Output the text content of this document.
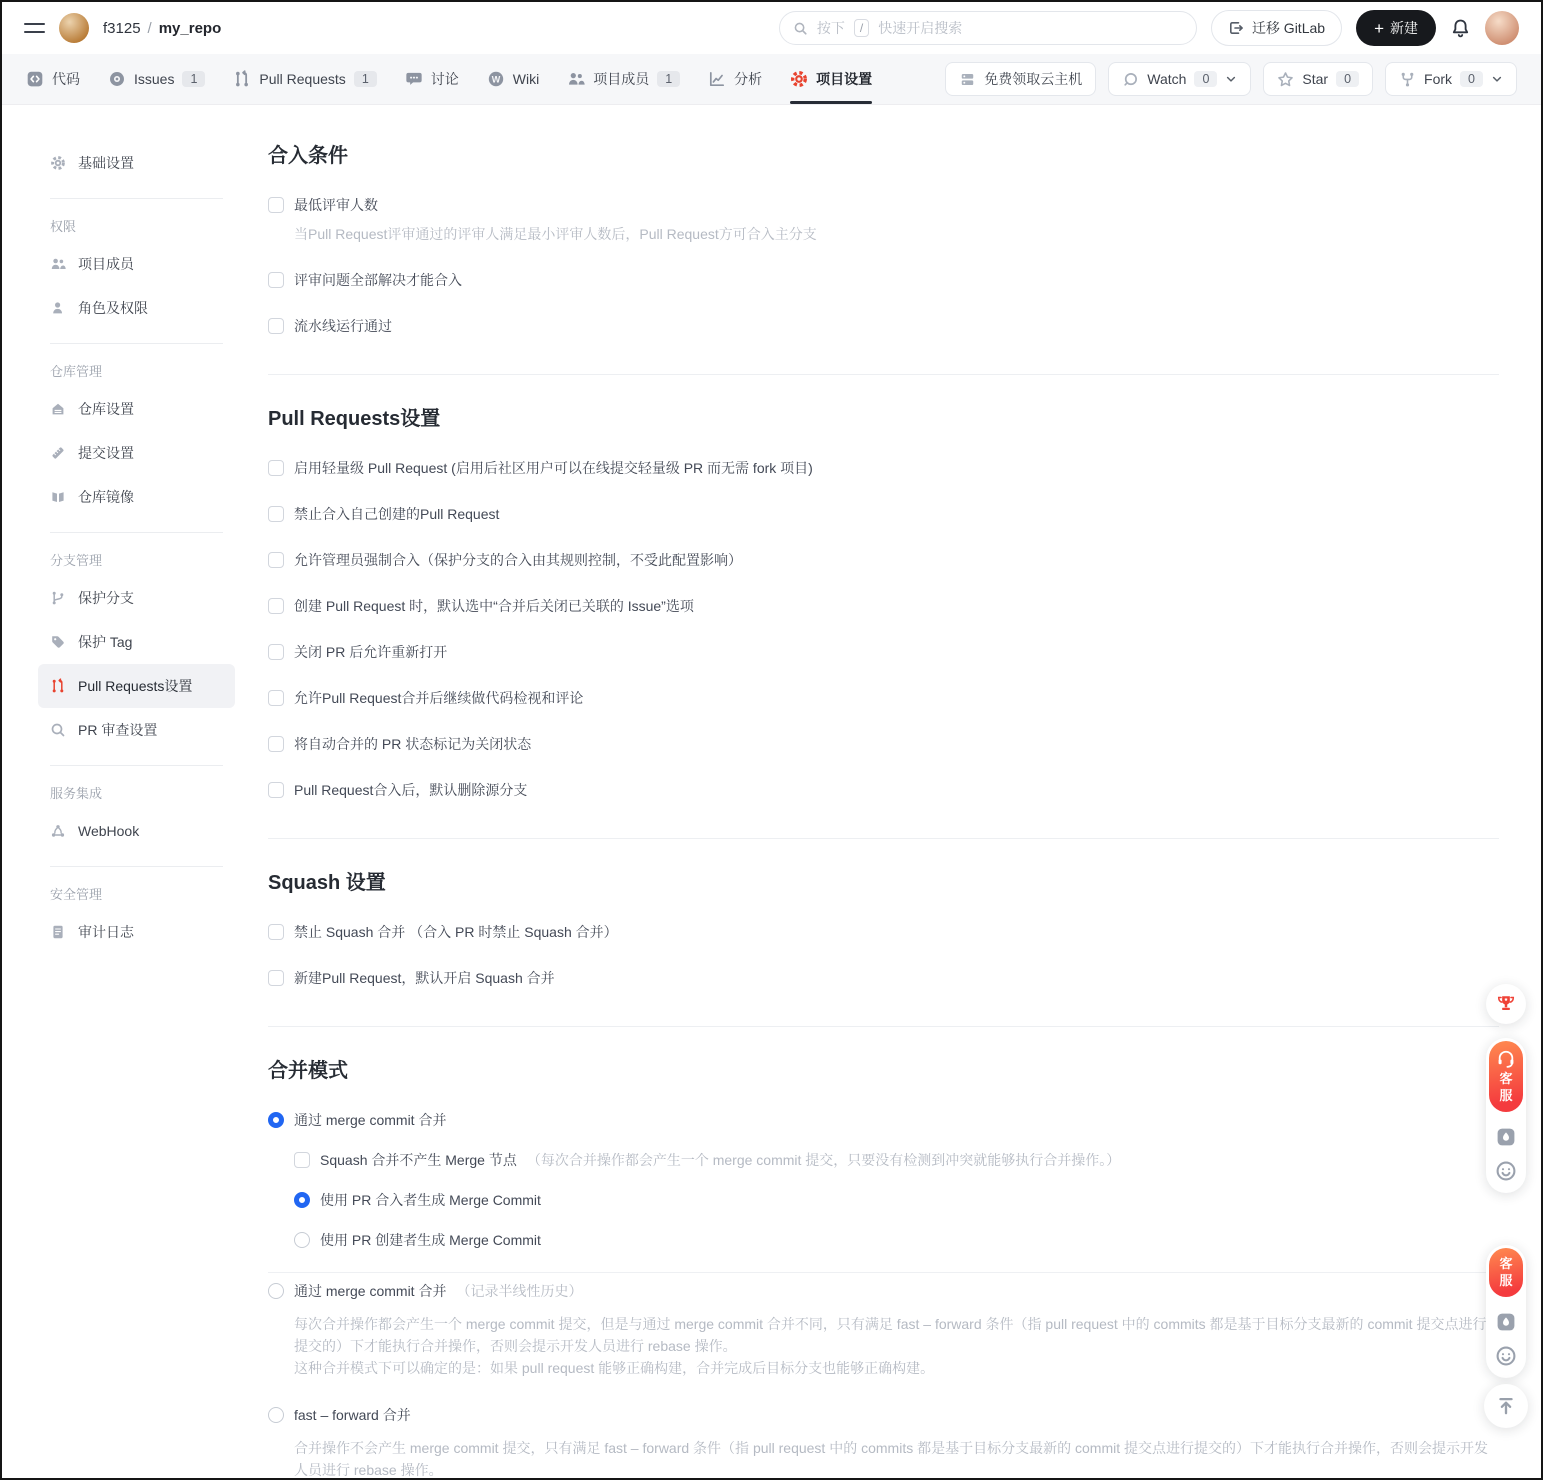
f3125 / my_repo	按下	/	快速开启搜索	迁移 GitLab	+ 新建
代码	Issues	1	Pull Requests	1	讨论	W Wiki	项目成员	1	分析	项目设置	免费领取云主机	Watch	0	Star	0	Fork	0
基础设置
权限
项目成员
角色及权限
仓库管理
仓库设置
提交设置
仓库镜像
分支管理
保护分支
保护 Tag
Pull Requests设置
PR 审查设置
服务集成
WebHook
安全管理
审计日志
合入条件
最低评审人数
当Pull Request评审通过的评审人满足最小评审人数后，Pull Request方可合入主分支
评审问题全部解决才能合入
流水线运行通过
Pull Requests设置
启用轻量级 Pull Request (启用后社区用户可以在线提交轻量级 PR 而无需 fork 项目)
禁止合入自己创建的Pull Request
允许管理员强制合入（保护分支的合入由其规则控制，不受此配置影响）
创建 Pull Request 时，默认选中“合并后关闭已关联的 Issue”选项
关闭 PR 后允许重新打开
允许Pull Request合并后继续做代码检视和评论
将自动合并的 PR 状态标记为关闭状态
Pull Request合入后，默认删除源分支
Squash 设置
禁止 Squash 合并 （合入 PR 时禁止 Squash 合并）
新建Pull Request，默认开启 Squash 合并
合并模式
通过 merge commit 合并
Squash 合并不产生 Merge 节点 （每次合并操作都会产生一个 merge commit 提交，只要没有检测到冲突就能够执行合并操作。）
使用 PR 合入者生成 Merge Commit
使用 PR 创建者生成 Merge Commit
通过 merge commit 合并 （记录半线性历史）
每次合并操作都会产生一个 merge commit 提交，但是与通过 merge commit 合并不同，只有满足 fast – forward 条件（指 pull request 中的 commits 都是基于目标分支最新的 commit 提交点进行提交的）下才能执行合并操作，否则会提示开发人员进行 rebase 操作。
这种合并模式下可以确定的是：如果 pull request 能够正确构建，合并完成后目标分支也能够正确构建。
fast – forward 合并
合并操作不会产生 merge commit 提交，只有满足 fast – forward 条件（指 pull request 中的 commits 都是基于目标分支最新的 commit 提交点进行提交的）下才能执行合并操作，否则会提示开发人员进行 rebase 操作。
客服
客服
